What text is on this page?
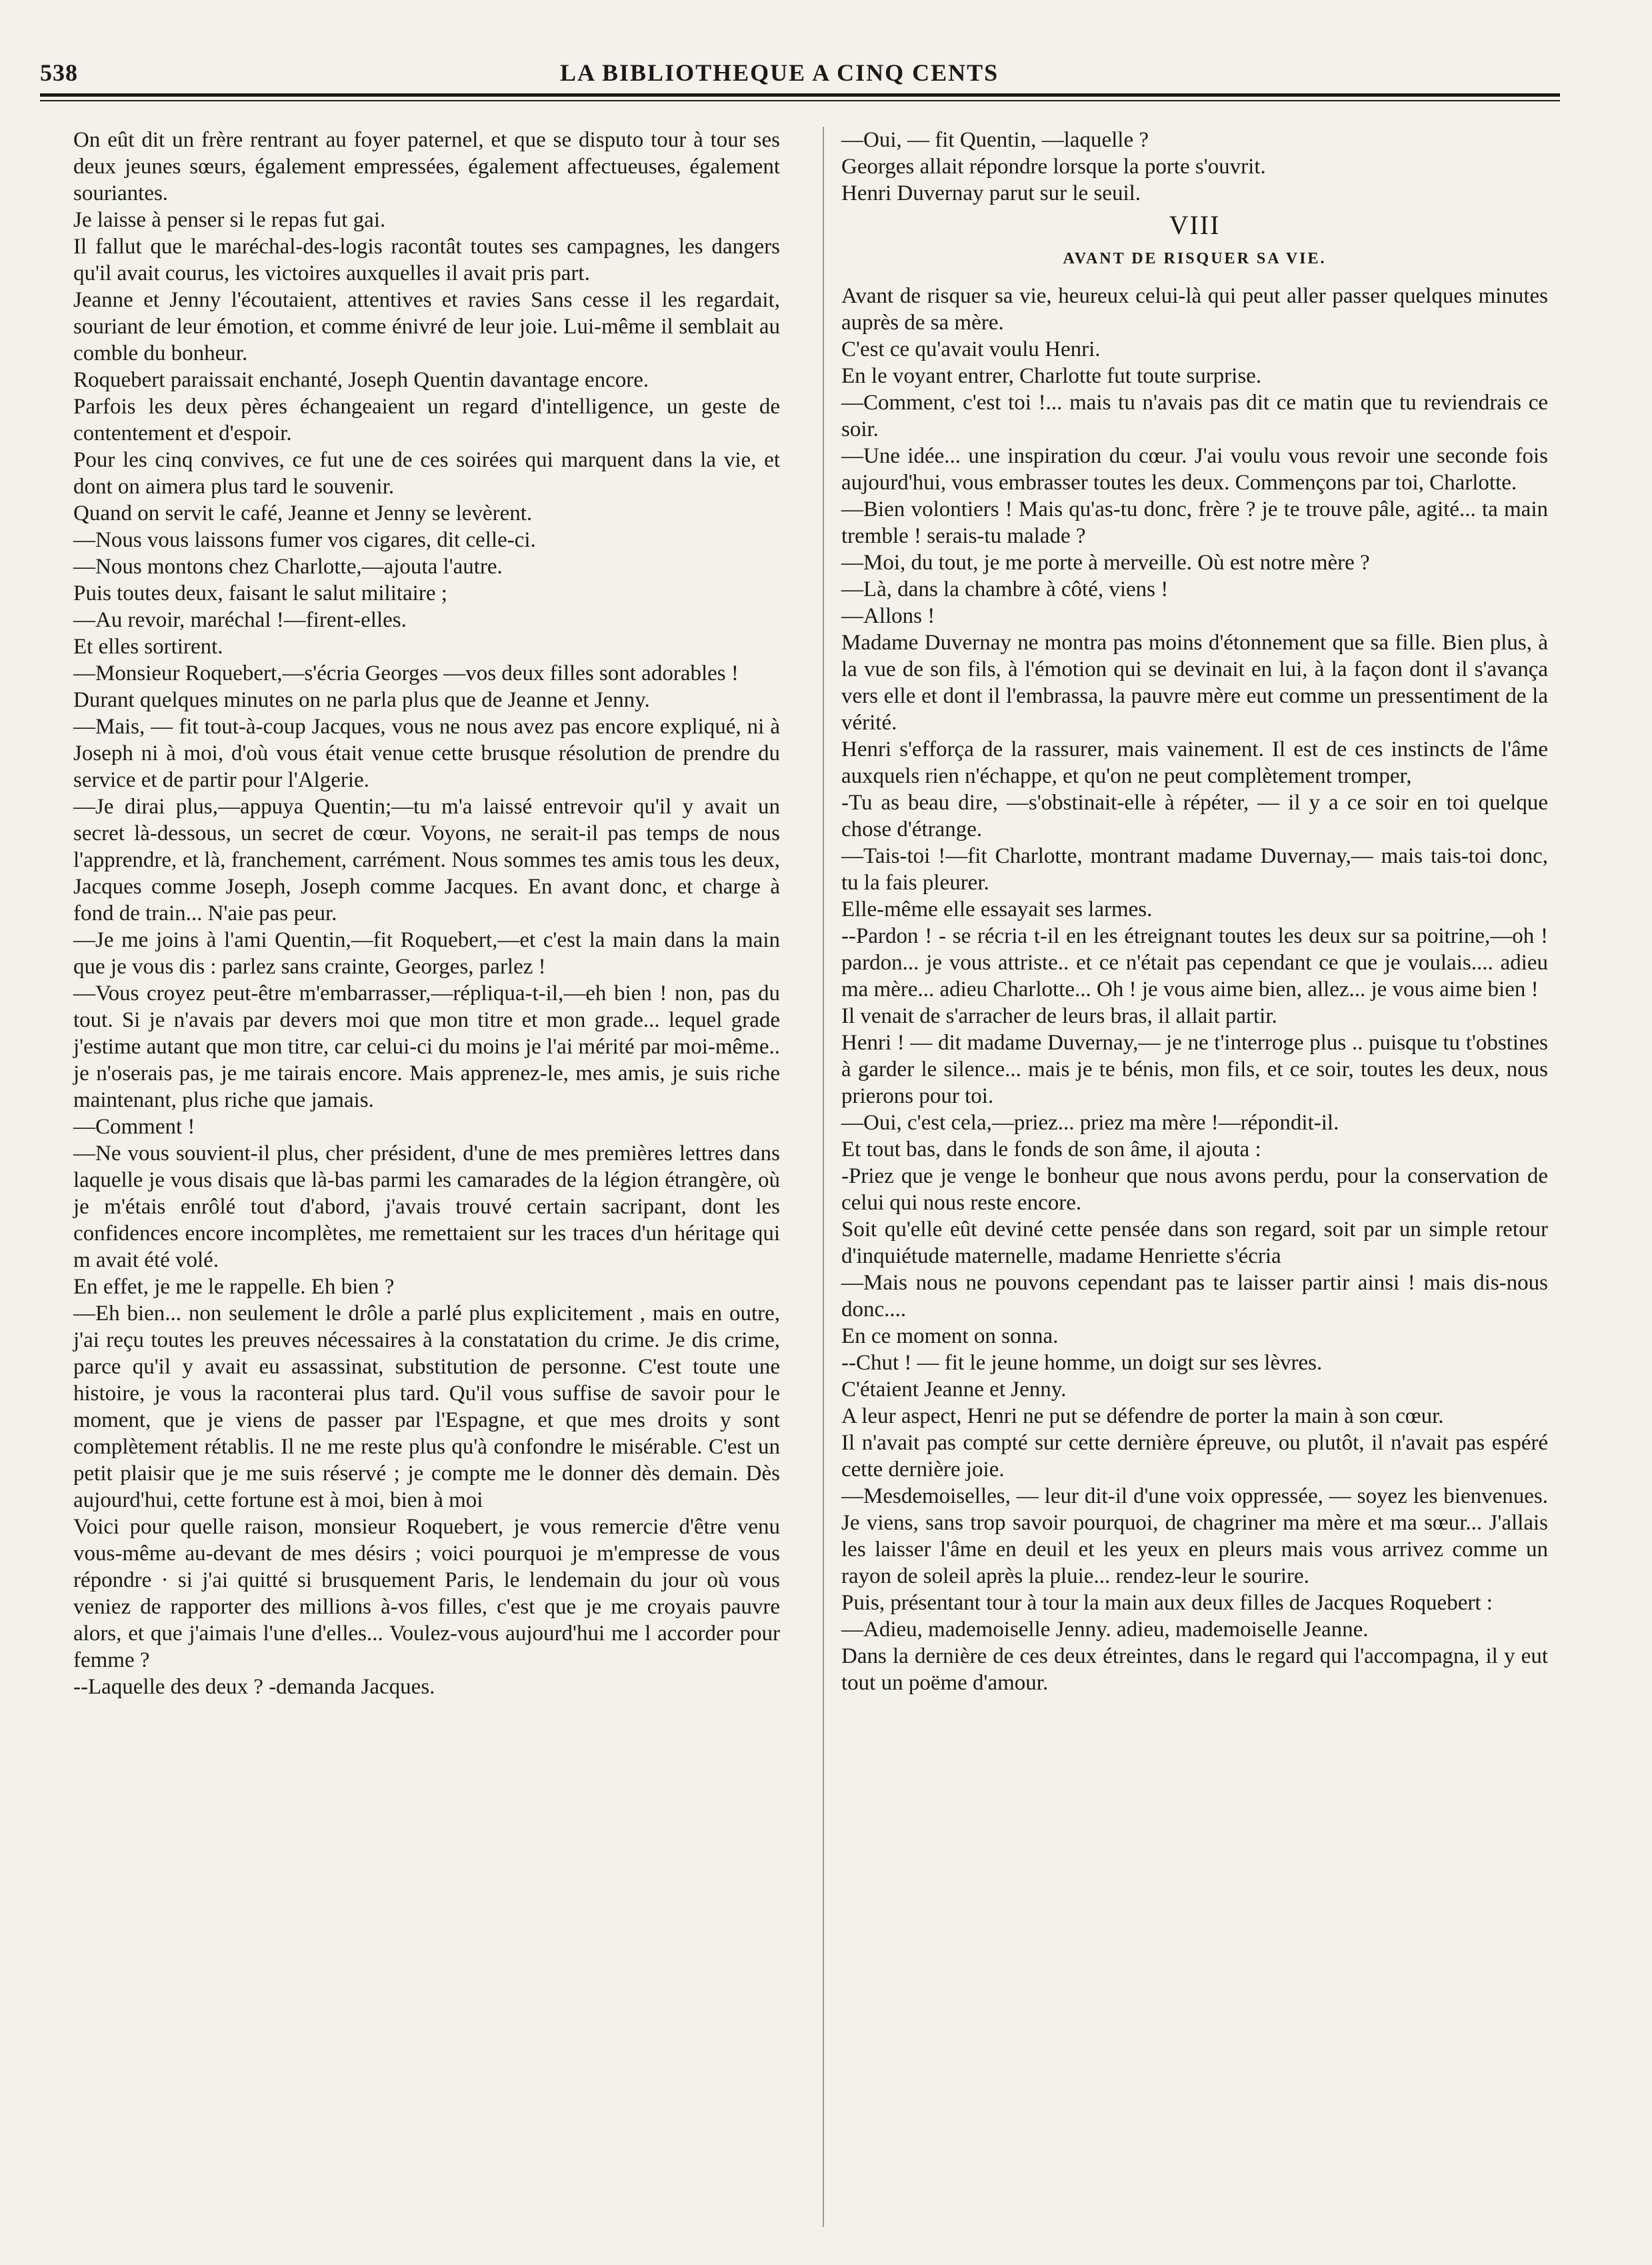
538	LA BIBLIOTHEQUE A CINQ CENTS

On eût dit un frère rentrant au foyer paternel, et que se disputo tour à tour ses deux jeunes sœurs, également empressées, également affectueuses, également souriantes.

Je laisse à penser si le repas fut gai.

Il fallut que le maréchal-des-logis racontât toutes ses campagnes, les dangers qu'il avait courus, les victoires auxquelles il avait pris part.

Jeanne et Jenny l'écoutaient, attentives et ravies Sans cesse il les regardait, souriant de leur émotion, et comme énivré de leur joie. Lui-même il semblait au comble du bonheur.

Roquebert paraissait enchanté, Joseph Quentin davantage encore.

Parfois les deux pères échangeaient un regard d'intelligence, un geste de contentement et d'espoir.

Pour les cinq convives, ce fut une de ces soirées qui marquent dans la vie, et dont on aimera plus tard le souvenir.

Quand on servit le café, Jeanne et Jenny se levèrent.

—Nous vous laissons fumer vos cigares, dit celle-ci.

—Nous montons chez Charlotte,—ajouta l'autre.

Puis toutes deux, faisant le salut militaire ;

—Au revoir, maréchal !—firent-elles.

Et elles sortirent.

—Monsieur Roquebert,—s'écria Georges —vos deux filles sont adorables !

Durant quelques minutes on ne parla plus que de Jeanne et Jenny.

—Mais, — fit tout-à-coup Jacques, vous ne nous avez pas encore expliqué, ni à Joseph ni à moi, d'où vous était venue cette brusque résolution de prendre du service et de partir pour l'Algerie.

—Je dirai plus,—appuya Quentin;—tu m'a laissé entrevoir qu'il y avait un secret là-dessous, un secret de cœur. Voyons, ne serait-il pas temps de nous l'apprendre, et là, franchement, carrément. Nous sommes tes amis tous les deux, Jacques comme Joseph, Joseph comme Jacques. En avant donc, et charge à fond de train... N'aie pas peur.

—Je me joins à l'ami Quentin,—fit Roquebert,—et c'est la main dans la main que je vous dis : parlez sans crainte, Georges, parlez !

—Vous croyez peut-être m'embarrasser,—répliqua-t-il,—eh bien ! non, pas du tout. Si je n'avais par devers moi que mon titre et mon grade... lequel grade j'estime autant que mon titre, car celui-ci du moins je l'ai mérité par moi-même.. je n'oserais pas, je me tairais encore. Mais apprenez-le, mes amis, je suis riche maintenant, plus riche que jamais.

—Comment !

—Ne vous souvient-il plus, cher président, d'une de mes premières lettres dans laquelle je vous disais que là-bas parmi les camarades de la légion étrangère, où je m'étais enrôlé tout d'abord, j'avais trouvé certain sacripant, dont les confidences encore incomplètes, me remettaient sur les traces d'un héritage qui m avait été volé.

En effet, je me le rappelle. Eh bien ?

—Eh bien... non seulement le drôle a parlé plus explicitement , mais en outre, j'ai reçu toutes les preuves nécessaires à la constatation du crime. Je dis crime, parce qu'il y avait eu assassinat, substitution de personne. C'est toute une histoire, je vous la raconterai plus tard. Qu'il vous suffise de savoir pour le moment, que je viens de passer par l'Espagne, et que mes droits y sont complètement rétablis. Il ne me reste plus qu'à confondre le misérable. C'est un petit plaisir que je me suis réservé ; je compte me le donner dès demain. Dès aujourd'hui, cette fortune est à moi, bien à moi

Voici pour quelle raison, monsieur Roquebert, je vous remercie d'être venu vous-même au-devant de mes désirs ; voici pourquoi je m'empresse de vous répondre · si j'ai quitté si brusquement Paris, le lendemain du jour où vous veniez de rapporter des millions à-vos filles, c'est que je me croyais pauvre alors, et que j'aimais l'une d'elles... Voulez-vous aujourd'hui me l accorder pour femme ?

--Laquelle des deux ? -demanda Jacques.

—Oui, — fit Quentin, —laquelle ?

Georges allait répondre lorsque la porte s'ouvrit.

Henri Duvernay parut sur le seuil.

VIII
AVANT DE RISQUER SA VIE.

Avant de risquer sa vie, heureux celui-là qui peut aller passer quelques minutes auprès de sa mère.

C'est ce qu'avait voulu Henri.

En le voyant entrer, Charlotte fut toute surprise.

—Comment, c'est toi !... mais tu n'avais pas dit ce matin que tu reviendrais ce soir.

—Une idée... une inspiration du cœur. J'ai voulu vous revoir une seconde fois aujourd'hui, vous embrasser toutes les deux. Commençons par toi, Charlotte.

—Bien volontiers ! Mais qu'as-tu donc, frère ? je te trouve pâle, agité... ta main tremble ! serais-tu malade ?

—Moi, du tout, je me porte à merveille. Où est notre mère ?

—Là, dans la chambre à côté, viens !

—Allons !

Madame Duvernay ne montra pas moins d'étonnement que sa fille. Bien plus, à la vue de son fils, à l'émotion qui se devinait en lui, à la façon dont il s'avança vers elle et dont il l'embrassa, la pauvre mère eut comme un pressentiment de la vérité.

Henri s'efforça de la rassurer, mais vainement. Il est de ces instincts de l'âme auxquels rien n'échappe, et qu'on ne peut complètement tromper,

-Tu as beau dire, —s'obstinait-elle à répéter, — il y a ce soir en toi quelque chose d'étrange.

—Tais-toi !—fit Charlotte, montrant madame Duvernay,— mais tais-toi donc, tu la fais pleurer.

Elle-même elle essayait ses larmes.

--Pardon ! - se récria t-il en les étreignant toutes les deux sur sa poitrine,—oh ! pardon... je vous attriste.. et ce n'était pas cependant ce que je voulais.... adieu ma mère... adieu Charlotte... Oh ! je vous aime bien, allez... je vous aime bien !

Il venait de s'arracher de leurs bras, il allait partir.

Henri ! — dit madame Duvernay,— je ne t'interroge plus .. puisque tu t'obstines à garder le silence... mais je te bénis, mon fils, et ce soir, toutes les deux, nous prierons pour toi.

—Oui, c'est cela,—priez... priez ma mère !—répondit-il.

Et tout bas, dans le fonds de son âme, il ajouta :

-Priez que je venge le bonheur que nous avons perdu, pour la conservation de celui qui nous reste encore.

Soit qu'elle eût deviné cette pensée dans son regard, soit par un simple retour d'inquiétude maternelle, madame Henriette s'écria

—Mais nous ne pouvons cependant pas te laisser partir ainsi ! mais dis-nous donc....

En ce moment on sonna.

--Chut ! — fit le jeune homme, un doigt sur ses lèvres.

C'étaient Jeanne et Jenny.

A leur aspect, Henri ne put se défendre de porter la main à son cœur.

Il n'avait pas compté sur cette dernière épreuve, ou plutôt, il n'avait pas espéré cette dernière joie.

—Mesdemoiselles, — leur dit-il d'une voix oppressée, — soyez les bienvenues. Je viens, sans trop savoir pourquoi, de chagriner ma mère et ma sœur... J'allais les laisser l'âme en deuil et les yeux en pleurs mais vous arrivez comme un rayon de soleil après la pluie... rendez-leur le sourire.

Puis, présentant tour à tour la main aux deux filles de Jacques Roquebert :

—Adieu, mademoiselle Jenny. adieu, mademoiselle Jeanne.

Dans la dernière de ces deux étreintes, dans le regard qui l'accompagna, il y eut tout un poëme d'amour.
